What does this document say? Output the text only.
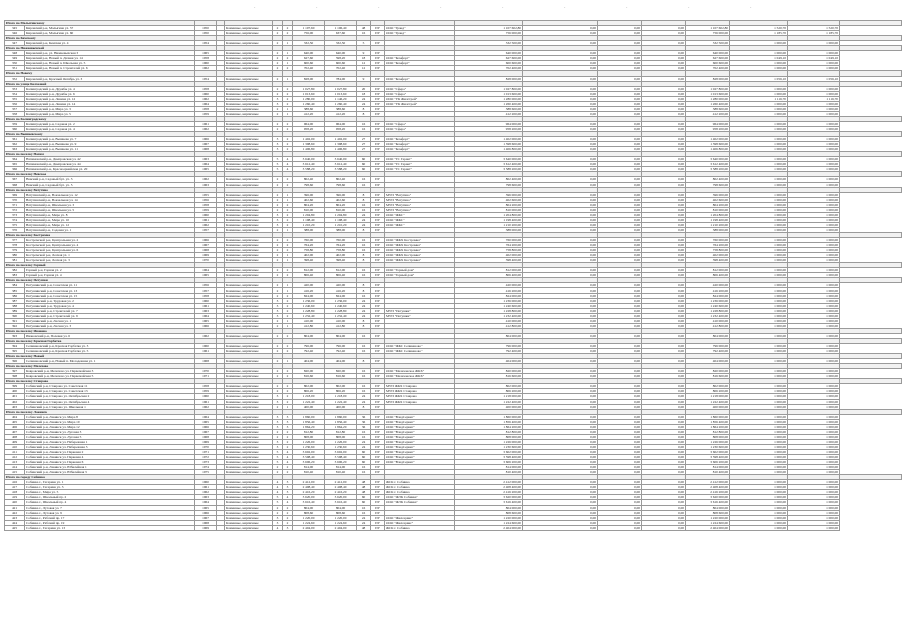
·	·	·	·	·	·	·	·	·
Итого по Малыгинскому																			
345	Кировский р-н, Малыгина ул. 57	1950		Каменные, кирпичные	2	2	1 107,60	1 106,40	48	ПУ	ООО "Гранд"	1 107 602,80	0,00	0,00	0,00	1 107 602,80	1 520,70	1 520,70	
346	Кировский р-н, Малыгина ул. 60	1950		Каменные, кирпичные	2	2	756,00	637,60	16	ПУ	ООО "Гранд"	756 000,00	0,00	0,00	0,00	756 000,00	1 185,70	1 185,70	
Итого по Кемскому																			
347	Кировский р-н, Кемская ул. 4	1954		Каменные, кирпичные	2	1	332,50	332,50	5	ПУ		332 500,00	0,00	0,00	0,00	332 500,00	1 000,00	1 000,00	
Итого по Нижневыхской																			
348	Кировский р-н, ул. Нижневыхская 3	1965		Каменные, кирпичные	2	1	640,00	640,00	9	ПУ		640 000,00	0,00	0,00	0,00	640 000,00	1 000,00	1 000,00	
349	Кировский р-н, Новый п. Дачная ул. 14	1958		Каменные, кирпичные	2	2	627,60	598,20	18	ПУ	ООО "Комфорт"	627 600,00	0,00	0,00	0,00	627 600,00	1 049,10	1 049,10	
350	Кировский р-н, Новый п. Школьная ул. 5	1960		Каменные, кирпичные	2	1	600,60	600,60	12	ПУ	ООО "Комфорт"	600 600,00	0,00	0,00	0,00	600 600,00	1 000,00	1 000,00	
351	Кировский р-н, Новый п. Строителей ул. 6	1962		Каменные, кирпичные	2	2	702,40	702,40	12	ПУ		702 400,00	0,00	0,00	0,00	702 400,00	1 000,00	1 000,00	
Итого по Новому																			
352	Кировский р-н, Красный Октябрь ул. 3	1954		Каменные, кирпичные	2	1	828,00	784,00	9	ПУ	ООО "Комфорт"	828 000,00	0,00	0,00	0,00	828 000,00	1 056,10	1 056,10	
Итого по улице Колхозной																			
353	Калинградский р-н, Дружбы ул. 4	1958		Каменные, кирпичные	2	2	1 027,80	1 027,80	20	ПУ	ООО "Сфера"	1 027 800,00	0,00	0,00	0,00	1 027 800,00	1 000,00	1 000,00	
354	Калинградский р-н, Дружбы ул. 6	1960		Каменные, кирпичные	2	2	1 013,60	1 013,60	18	ПУ	ООО "Сфера"	1 013 600,00	0,00	0,00	0,00	1 013 600,00	1 000,00	1 000,00	
355	Калинградский р-н, Ленина ул. 12	1962		Каменные, кирпичные	3	2	1 280,00	1 146,20	24	ПУ	ООО "УК Жилстрой"	1 280 000,00	0,00	0,00	0,00	1 280 000,00	1 116,70	1 116,70	
356	Калинградский р-н, Ленина ул. 14	1964		Каменные, кирпичные	3	2	1 260,40	1 260,40	24	ПУ	ООО "УК Жилстрой"	1 260 400,00	0,00	0,00	0,00	1 260 400,00	1 000,00	1 000,00	
357	Калинградский р-н, Мира ул. 3	1958		Каменные, кирпичные	2	1	388,60	388,60	8	ПУ		388 600,00	0,00	0,00	0,00	388 600,00	1 000,00	1 000,00	
358	Калинградский р-н, Мира ул. 5	1959		Каменные, кирпичные	2	1	412,20	412,20	8	ПУ		412 200,00	0,00	0,00	0,00	412 200,00	1 000,00	1 000,00	
Итого по Калинградскому																			
359	Калинградский р-н, Садовая ул. 2	1961		Каменные, кирпичные	2	2	964,00	964,00	16	ПУ	ООО "Сфера"	964 000,00	0,00	0,00	0,00	964 000,00	1 000,00	1 000,00	
360	Калинградский р-н, Садовая ул. 4	1962		Каменные, кирпичные	2	2	958,20	958,20	16	ПУ	ООО "Сфера"	958 200,00	0,00	0,00	0,00	958 200,00	1 000,00	1 000,00	
Итого по Вышневскому																			
361	Калинградский р-н, Вышнева ул. 7	1966		Каменные, кирпичные	3	2	1 402,00	1 402,00	27	ПУ	ООО "Комфорт"	1 402 000,00	0,00	0,00	0,00	1 402 000,00	1 000,00	1 000,00	
362	Калинградский р-н, Вышнева ул. 9	1967		Каменные, кирпичные	3	2	1 398,60	1 398,60	27	ПУ	ООО "Комфорт"	1 398 600,00	0,00	0,00	0,00	1 398 600,00	1 000,00	1 000,00	
363	Калинградский р-н, Вышнева ул. 11	1968		Каменные, кирпичные	3	2	1 406,80	1 406,80	27	ПУ	ООО "Комфорт"	1 406 800,00	0,00	0,00	0,00	1 406 800,00	1 000,00	1 000,00	
Итого по поселку Нахим																			
364	Нахимовский р-н, Днепровская ул. 42	1963		Каменные, кирпичные	5	4	3 640,00	3 640,00	60	ПУ	ООО "ТС Гарант"	3 640 000,00	0,00	0,00	0,00	3 640 000,00	1 000,00	1 000,00	
365	Нахимовский р-н, Днепровская ул. 44	1964		Каменные, кирпичные	5	4	3 612,40	3 612,40	60	ПУ	ООО "ТС Гарант"	3 612 400,00	0,00	0,00	0,00	3 612 400,00	1 000,00	1 000,00	
366	Нахимовский р-н, Красноармейская ул. 20	1965		Каменные, кирпичные	5	4	3 588,20	3 588,20	60	ПУ	ООО "ТС Гарант"	3 588 200,00	0,00	0,00	0,00	3 588 200,00	1 000,00	1 000,00	
Итого по поселку Невское																			
367	Невский р-н, Садовый бул. ул. 3	1962		Каменные, кирпичные	2	2	802,40	802,40	16	ПУ		802 400,00	0,00	0,00	0,00	802 400,00	1 000,00	1 000,00	
368	Невский р-н, Садовый бул. ул. 5	1963		Каменные, кирпичные	2	2	798,60	798,60	16	ПУ		798 600,00	0,00	0,00	0,00	798 600,00	1 000,00	1 000,00	
Итого по поселку Ватутино																			
369	Ватутинский р-н, Вокзальная ул. 12	1955		Каменные, кирпичные	2	1	396,00	396,00	8	ПУ	МУП "Ватутино"	396 000,00	0,00	0,00	0,00	396 000,00	1 000,00	1 000,00	
370	Ватутинский р-н, Вокзальная ул. 14	1956		Каменные, кирпичные	2	1	402,60	402,60	8	ПУ	МУП "Ватутино"	402 600,00	0,00	0,00	0,00	402 600,00	1 000,00	1 000,00	
371	Ватутинский р-н, Школьная ул. 3	1958		Каменные, кирпичные	2	2	804,20	804,20	16	ПУ	МУП "Ватутино"	804 200,00	0,00	0,00	0,00	804 200,00	1 000,00	1 000,00	
372	Ватутинский р-н, Школьная ул. 5	1959		Каменные, кирпичные	2	2	810,00	810,00	16	ПУ	МУП "Ватутино"	810 000,00	0,00	0,00	0,00	810 000,00	1 000,00	1 000,00	
373	Ватутинский р-н, Мира ул. 8	1960		Каменные, кирпичные	3	2	1 204,80	1 204,80	24	ПУ	ООО "ЖКС"	1 204 800,00	0,00	0,00	0,00	1 204 800,00	1 000,00	1 000,00	
374	Ватутинский р-н, Мира ул. 10	1961		Каменные, кирпичные	3	2	1 198,40	1 198,40	24	ПУ	ООО "ЖКС"	1 198 400,00	0,00	0,00	0,00	1 198 400,00	1 000,00	1 000,00	
375	Ватутинский р-н, Мира ул. 12	1962		Каменные, кирпичные	3	2	1 210,20	1 210,20	24	ПУ	ООО "ЖКС"	1 210 200,00	0,00	0,00	0,00	1 210 200,00	1 000,00	1 000,00	
376	Ватутинский р-н, Садовая ул. 1	1957		Каменные, кирпичные	2	1	388,00	388,00	8	ПУ		388 000,00	0,00	0,00	0,00	388 000,00	1 000,00	1 000,00	
Итого по поселку Костромка																			
377	Костромской р-н, Центральная ул. 2	1966		Каменные, кирпичные	2	2	760,00	760,00	16	ПУ	ООО "ЖКХ Костромка"	760 000,00	0,00	0,00	0,00	760 000,00	1 000,00	1 000,00	
378	Костромской р-н, Центральная ул. 4	1967		Каменные, кирпичные	2	2	764,20	764,20	16	ПУ	ООО "ЖКХ Костромка"	764 200,00	0,00	0,00	0,00	764 200,00	1 000,00	1 000,00	
379	Костромской р-н, Центральная ул. 6	1968		Каменные, кирпичные	2	2	758,80	758,80	16	ПУ	ООО "ЖКХ Костромка"	758 800,00	0,00	0,00	0,00	758 800,00	1 000,00	1 000,00	
380	Костромской р-н, Лесная ул. 1	1969		Каменные, кирпичные	2	1	402,00	402,00	8	ПУ	ООО "ЖКХ Костромка"	402 000,00	0,00	0,00	0,00	402 000,00	1 000,00	1 000,00	
381	Костромской р-н, Лесная ул. 3	1970		Каменные, кирпичные	2	1	398,40	398,40	8	ПУ	ООО "ЖКХ Костромка"	398 400,00	0,00	0,00	0,00	398 400,00	1 000,00	1 000,00	
Итого по поселку Горный																			
382	Горный р-н, Горная ул. 2	1964		Каменные, кирпичные	2	2	812,00	812,00	16	ПУ	ООО "Горный дом"	812 000,00	0,00	0,00	0,00	812 000,00	1 000,00	1 000,00	
383	Горный р-н, Горная ул. 4	1965		Каменные, кирпичные	2	2	806,40	806,40	16	ПУ	ООО "Горный дом"	806 400,00	0,00	0,00	0,00	806 400,00	1 000,00	1 000,00	
Итого по поселку Петушки																			
384	Петушинский р-н, Советская ул. 11	1956		Каменные, кирпичные	2	1	420,00	420,00	8	ПУ		420 000,00	0,00	0,00	0,00	420 000,00	1 000,00	1 000,00	
385	Петушинский р-н, Советская ул. 13	1957		Каменные, кирпичные	2	1	416,20	416,20	8	ПУ		416 200,00	0,00	0,00	0,00	416 200,00	1 000,00	1 000,00	
386	Петушинский р-н, Советская ул. 15	1958		Каменные, кирпичные	2	2	824,00	824,00	16	ПУ		824 000,00	0,00	0,00	0,00	824 000,00	1 000,00	1 000,00	
387	Петушинский р-н, Трудовая ул. 2	1960		Каменные, кирпичные	3	2	1 236,00	1 236,00	24	ПУ		1 236 000,00	0,00	0,00	0,00	1 236 000,00	1 000,00	1 000,00	
388	Петушинский р-н, Трудовая ул. 4	1961		Каменные, кирпичные	3	2	1 240,60	1 240,60	24	ПУ		1 240 600,00	0,00	0,00	0,00	1 240 600,00	1 000,00	1 000,00	
389	Петушинский р-н, Строителей ул. 7	1963		Каменные, кирпичные	3	2	1 228,80	1 228,80	24	ПУ	МУП "Петушки"	1 228 800,00	0,00	0,00	0,00	1 228 800,00	1 000,00	1 000,00	
390	Петушинский р-н, Строителей ул. 9	1964		Каменные, кирпичные	3	2	1 232,40	1 232,40	24	ПУ	МУП "Петушки"	1 232 400,00	0,00	0,00	0,00	1 232 400,00	1 000,00	1 000,00	
391	Петушинский р-н, Лесная ул. 1	1965		Каменные, кирпичные	2	1	410,00	410,00	8	ПУ		410 000,00	0,00	0,00	0,00	410 000,00	1 000,00	1 000,00	
392	Петушинский р-н, Лесная ул. 3	1966		Каменные, кирпичные	2	1	412,80	412,80	8	ПУ		412 800,00	0,00	0,00	0,00	412 800,00	1 000,00	1 000,00	
Итого по поселку Иваново																			
393	Ивановский р-н, Полевая ул. 6	1962		Каменные, кирпичные	2	2	804,00	804,00	16	ПУ		804 000,00	0,00	0,00	0,00	804 000,00	1 000,00	1 000,00	
Итого по поселку Красная Горбатка																			
394	Селивановский р-н, Красная Горбатка ул. 3	1960		Каменные, кирпичные	2	2	796,00	796,00	16	ПУ	ООО "ЖКС Селиваново"	796 000,00	0,00	0,00	0,00	796 000,00	1 000,00	1 000,00	
395	Селивановский р-н, Красная Горбатка ул. 5	1961		Каменные, кирпичные	2	2	792,40	792,40	16	ПУ	ООО "ЖКС Селиваново"	792 400,00	0,00	0,00	0,00	792 400,00	1 000,00	1 000,00	
Итого по поселку Новый																			
396	Селивановский р-н, Новый п. Молодежная ул. 1	1968		Каменные, кирпичные	2	1	404,00	404,00	8	ПУ		404 000,00	0,00	0,00	0,00	404 000,00	1 000,00	1 000,00	
Итого по поселку Мелехово																			
397	Ковровский р-н, Мелехово ул. Первомайская 3	1970		Каменные, кирпичные	2	2	820,00	820,00	16	ПУ	ООО "Мелеховское ЖКХ"	820 000,00	0,00	0,00	0,00	820 000,00	1 000,00	1 000,00	
398	Ковровский р-н, Мелехово ул. Первомайская 5	1971		Каменные, кирпичные	2	2	816,60	816,60	16	ПУ	ООО "Мелеховское ЖКХ"	816 600,00	0,00	0,00	0,00	816 600,00	1 000,00	1 000,00	
Итого по поселку Ставрово																			
399	Собинский р-н, Ставрово ул. Советская 11	1958		Каменные, кирпичные	2	2	802,00	802,00	16	ПУ	МУП ЖКХ Ставрово	802 000,00	0,00	0,00	0,00	802 000,00	1 000,00	1 000,00	
400	Собинский р-н, Ставрово ул. Советская 13	1959		Каменные, кирпичные	2	2	806,20	806,20	16	ПУ	МУП ЖКХ Ставрово	806 200,00	0,00	0,00	0,00	806 200,00	1 000,00	1 000,00	
401	Собинский р-н, Ставрово ул. Октябрьская 2	1960		Каменные, кирпичные	3	2	1 218,00	1 218,00	24	ПУ	МУП ЖКХ Ставрово	1 218 000,00	0,00	0,00	0,00	1 218 000,00	1 000,00	1 000,00	
402	Собинский р-н, Ставрово ул. Октябрьская 4	1961		Каменные, кирпичные	3	2	1 222,40	1 222,40	24	ПУ	МУП ЖКХ Ставрово	1 222 400,00	0,00	0,00	0,00	1 222 400,00	1 000,00	1 000,00	
403	Собинский р-н, Ставрово ул. Школьная 1	1962		Каменные, кирпичные	2	1	400,00	400,00	8	ПУ		400 000,00	0,00	0,00	0,00	400 000,00	1 000,00	1 000,00	
Итого по поселку Лакинск																			
404	Собинский р-н, Лакинск ул. Мира 8	1964		Каменные, кирпичные	3	3	1 860,00	1 860,00	36	ПУ	ООО "ВладСервис"	1 860 000,00	0,00	0,00	0,00	1 860 000,00	1 000,00	1 000,00	
405	Собинский р-н, Лакинск ул. Мира 10	1965		Каменные, кирпичные	3	3	1 856,40	1 856,40	36	ПУ	ООО "ВладСервис"	1 856 400,00	0,00	0,00	0,00	1 856 400,00	1 000,00	1 000,00	
406	Собинский р-н, Лакинск ул. Мира 12	1966		Каменные, кирпичные	3	3	1 864,20	1 864,20	36	ПУ	ООО "ВладСервис"	1 864 200,00	0,00	0,00	0,00	1 864 200,00	1 000,00	1 000,00	
407	Собинский р-н, Лакинск ул. Луговая 3	1967		Каменные, кирпичные	2	2	812,80	812,80	16	ПУ	ООО "ВладСервис"	812 800,00	0,00	0,00	0,00	812 800,00	1 000,00	1 000,00	
408	Собинский р-н, Лакинск ул. Луговая 5	1968		Каменные, кирпичные	2	2	808,00	808,00	16	ПУ	ООО "ВладСервис"	808 000,00	0,00	0,00	0,00	808 000,00	1 000,00	1 000,00	
409	Собинский р-н, Лакинск ул. Набережная 1	1969		Каменные, кирпичные	3	2	1 226,00	1 226,00	24	ПУ	ООО "ВладСервис"	1 226 000,00	0,00	0,00	0,00	1 226 000,00	1 000,00	1 000,00	
410	Собинский р-н, Лакинск ул. Набережная 3	1970		Каменные, кирпичные	3	2	1 230,60	1 230,60	24	ПУ	ООО "ВладСервис"	1 230 600,00	0,00	0,00	0,00	1 230 600,00	1 000,00	1 000,00	
411	Собинский р-н, Лакинск ул. Парковая 2	1971		Каменные, кирпичные	5	4	3 602,00	3 602,00	60	ПУ	ООО "ВладСервис"	3 602 000,00	0,00	0,00	0,00	3 602 000,00	1 000,00	1 000,00	
412	Собинский р-н, Лакинск ул. Парковая 4	1972		Каменные, кирпичные	5	4	3 598,40	3 598,40	60	ПУ	ООО "ВладСервис"	3 598 400,00	0,00	0,00	0,00	3 598 400,00	1 000,00	1 000,00	
413	Собинский р-н, Лакинск ул. Парковая 6	1973		Каменные, кирпичные	5	4	3 606,20	3 606,20	60	ПУ	ООО "ВладСервис"	3 606 200,00	0,00	0,00	0,00	3 606 200,00	1 000,00	1 000,00	
414	Собинский р-н, Лакинск ул. Юбилейная 1	1974		Каменные, кирпичные	2	2	814,00	814,00	16	ПУ		814 000,00	0,00	0,00	0,00	814 000,00	1 000,00	1 000,00	
415	Собинский р-н, Лакинск ул. Юбилейная 3	1975		Каменные, кирпичные	2	2	810,40	810,40	16	ПУ		810 400,00	0,00	0,00	0,00	810 400,00	1 000,00	1 000,00	
Итого по городу Собинка																			
416	Собинка г., Гагарина ул. 1	1960		Каменные, кирпичные	4	3	2 412,00	2 412,00	48	ПУ	ЖСК г. Собинка	2 412 000,00	0,00	0,00	0,00	2 412 000,00	1 000,00	1 000,00	
417	Собинка г., Гагарина ул. 3	1961		Каменные, кирпичные	4	3	2 408,40	2 408,40	48	ПУ	ЖСК г. Собинка	2 408 400,00	0,00	0,00	0,00	2 408 400,00	1 000,00	1 000,00	
418	Собинка г., Мира ул. 5	1962		Каменные, кирпичные	4	3	2 416,20	2 416,20	48	ПУ	ЖСК г. Собинка	2 416 200,00	0,00	0,00	0,00	2 416 200,00	1 000,00	1 000,00	
419	Собинка г., Школьный пр. 2	1963		Каменные, кирпичные	5	4	3 620,00	3 620,00	60	ПУ	ООО "ЖЭК Собинка"	3 620 000,00	0,00	0,00	0,00	3 620 000,00	1 000,00	1 000,00	
420	Собинка г., Школьный пр. 4	1964		Каменные, кирпичные	5	4	3 616,40	3 616,40	60	ПУ	ООО "ЖЭК Собинка"	3 616 400,00	0,00	0,00	0,00	3 616 400,00	1 000,00	1 000,00	
421	Собинка г., Луговая ул. 7	1965		Каменные, кирпичные	2	2	804,00	804,00	16	ПУ		804 000,00	0,00	0,00	0,00	804 000,00	1 000,00	1 000,00	
422	Собинка г., Луговая ул. 9	1966		Каменные, кирпичные	2	2	808,60	808,60	16	ПУ		808 600,00	0,00	0,00	0,00	808 600,00	1 000,00	1 000,00	
423	Собинка г., Рабочий пр. 17	1967		Каменные, кирпичные	3	2	1 220,00	1 220,00	24	ПУ	ООО "Жилсервис"	1 220 000,00	0,00	0,00	0,00	1 220 000,00	1 000,00	1 000,00	
424	Собинка г., Рабочий пр. 19	1968		Каменные, кирпичные	3	2	1 224,60	1 224,60	24	ПУ	ООО "Жилсервис"	1 224 600,00	0,00	0,00	0,00	1 224 600,00	1 000,00	1 000,00	
425	Собинка г., Гагарина ул. 13	1969		Каменные, кирпичные	4	3	2 404,00	2 404,00	48	ПУ	ЖСК г. Собинка	2 404 000,00	0,00	0,00	0,00	2 404 000,00	1 000,00	1 000,00	
